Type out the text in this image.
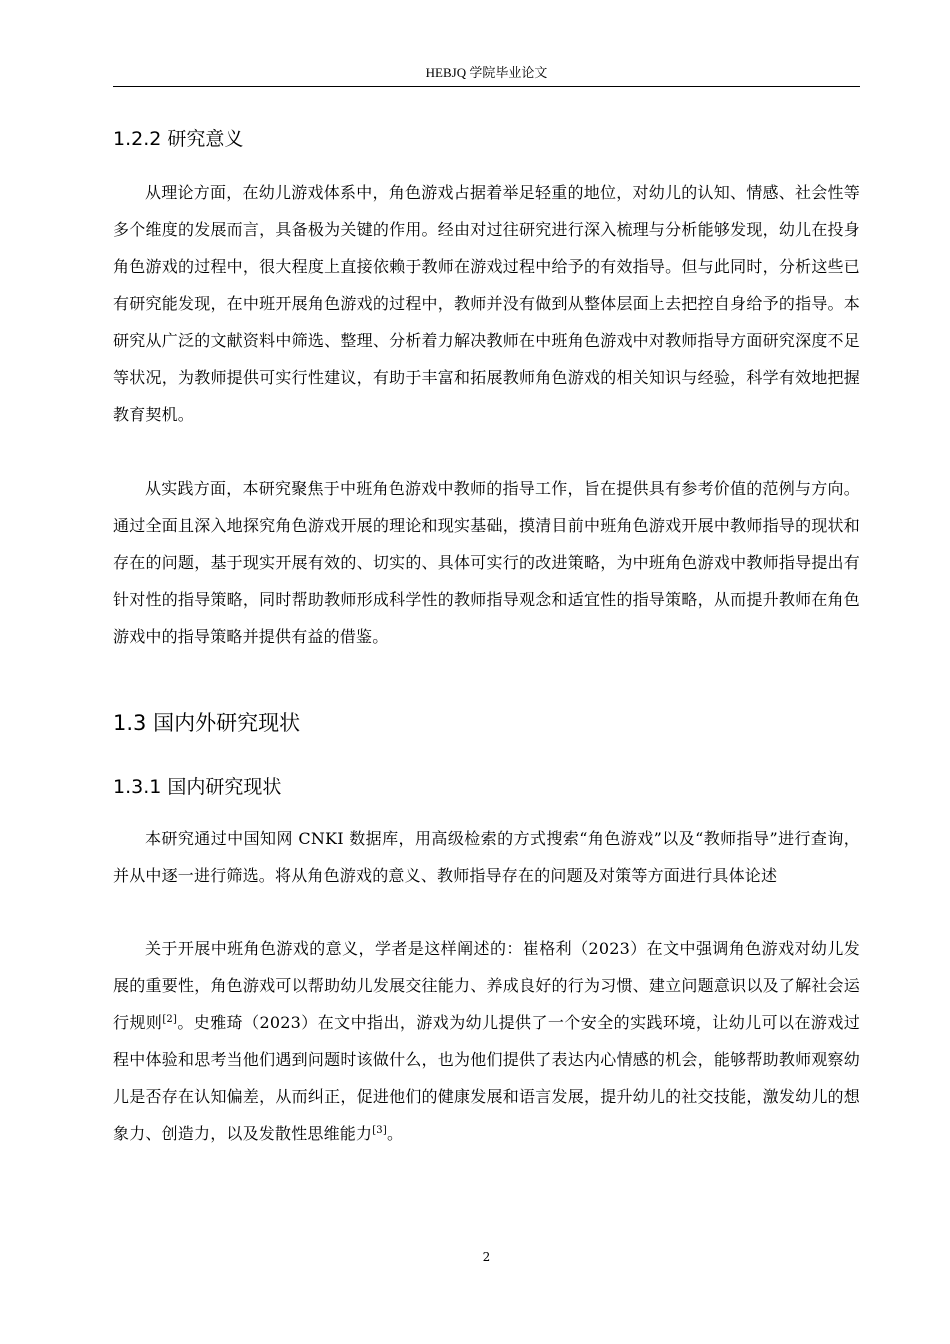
HEBJQ 学院毕业论文
1.2.2 研究意义
从理论方面，在幼儿游戏体系中，角色游戏占据着举足轻重的地位，对幼儿的认知、情感、社会性等多个维度的发展而言，具备极为关键的作用。经由对过往研究进行深入梳理与分析能够发现，幼儿在投身角色游戏的过程中，很大程度上直接依赖于教师在游戏过程中给予的有效指导。但与此同时，分析这些已有研究能发现，在中班开展角色游戏的过程中，教师并没有做到从整体层面上去把控自身给予的指导。本研究从广泛的文献资料中筛选、整理、分析着力解决教师在中班角色游戏中对教师指导方面研究深度不足等状况，为教师提供可实行性建议，有助于丰富和拓展教师角色游戏的相关知识与经验，科学有效地把握教育契机。
从实践方面，本研究聚焦于中班角色游戏中教师的指导工作，旨在提供具有参考价值的范例与方向。通过全面且深入地探究角色游戏开展的理论和现实基础，摸清目前中班角色游戏开展中教师指导的现状和存在的问题，基于现实开展有效的、切实的、具体可实行的改进策略，为中班角色游戏中教师指导提出有针对性的指导策略，同时帮助教师形成科学性的教师指导观念和适宜性的指导策略，从而提升教师在角色游戏中的指导策略并提供有益的借鉴。
1.3 国内外研究现状
1.3.1 国内研究现状
本研究通过中国知网 CNKI 数据库，用高级检索的方式搜索“角色游戏”以及“教师指导”进行查询，并从中逐一进行筛选。将从角色游戏的意义、教师指导存在的问题及对策等方面进行具体论述
关于开展中班角色游戏的意义，学者是这样阐述的：崔格利（2023）在文中强调角色游戏对幼儿发展的重要性，角色游戏可以帮助幼儿发展交往能力、养成良好的行为习惯、建立问题意识以及了解社会运行规则[2]。史雅琦（2023）在文中指出，游戏为幼儿提供了一个安全的实践环境，让幼儿可以在游戏过程中体验和思考当他们遇到问题时该做什么，也为他们提供了表达内心情感的机会，能够帮助教师观察幼儿是否存在认知偏差，从而纠正，促进他们的健康发展和语言发展，提升幼儿的社交技能，激发幼儿的想象力、创造力，以及发散性思维能力[3]。
2
